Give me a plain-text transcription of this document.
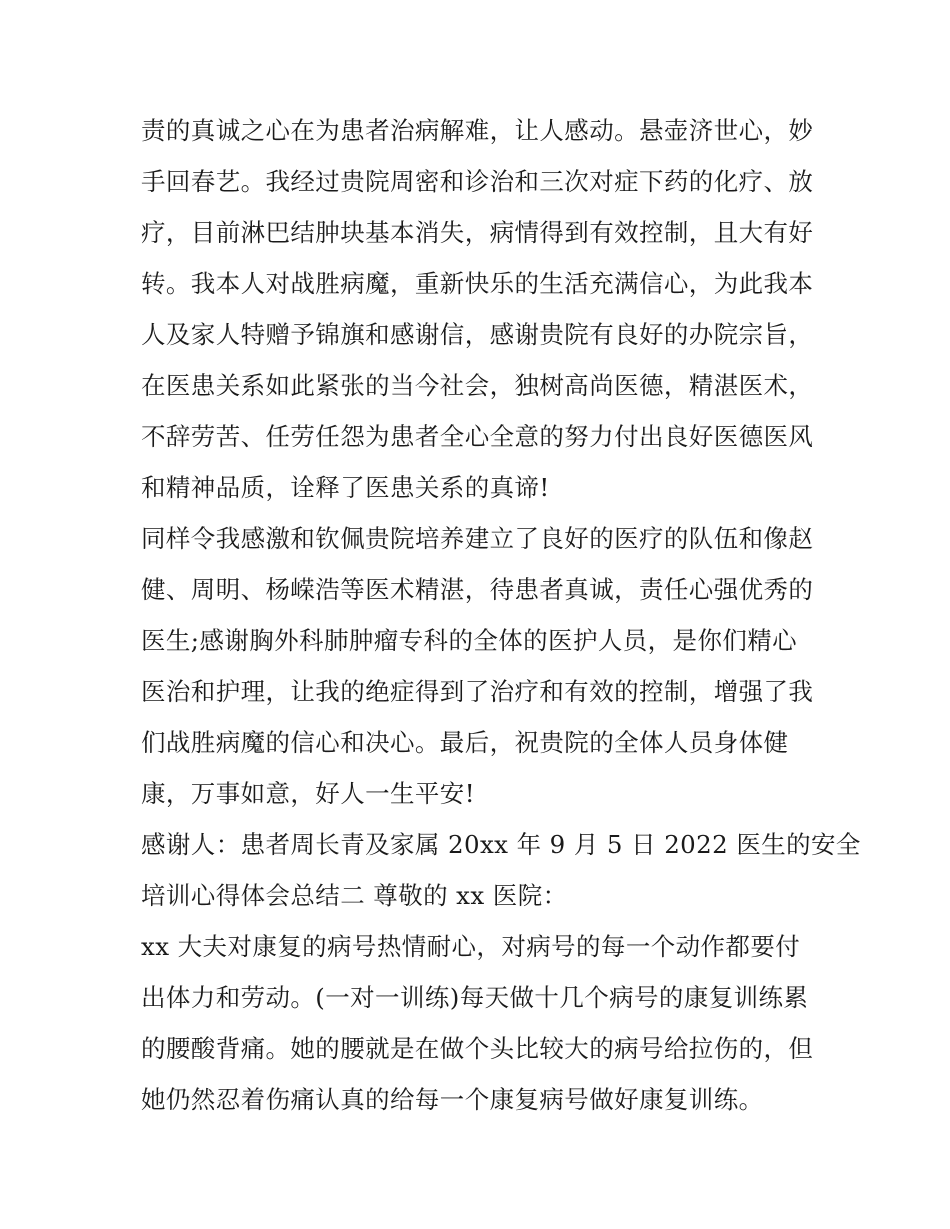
责的真诚之心在为患者治病解难，让人感动。悬壶济世心，妙
手回春艺。我经过贵院周密和诊治和三次对症下药的化疗、放
疗，目前淋巴结肿块基本消失，病情得到有效控制，且大有好
转。我本人对战胜病魔，重新快乐的生活充满信心，为此我本
人及家人特赠予锦旗和感谢信，感谢贵院有良好的办院宗旨，
在医患关系如此紧张的当今社会，独树高尚医德，精湛医术，
不辞劳苦、任劳任怨为患者全心全意的努力付出良好医德医风
和精神品质，诠释了医患关系的真谛!
同样令我感激和钦佩贵院培养建立了良好的医疗的队伍和像赵
健、周明、杨嵘浩等医术精湛，待患者真诚，责任心强优秀的
医生;感谢胸外科肺肿瘤专科的全体的医护人员，是你们精心
医治和护理，让我的绝症得到了治疗和有效的控制，增强了我
们战胜病魔的信心和决心。最后，祝贵院的全体人员身体健
康，万事如意，好人一生平安!
感谢人：患者周长青及家属 20xx 年 9 月 5 日 2022 医生的安全
培训心得体会总结二 尊敬的 xx 医院：
xx 大夫对康复的病号热情耐心，对病号的每一个动作都要付
出体力和劳动。(一对一训练)每天做十几个病号的康复训练累
的腰酸背痛。她的腰就是在做个头比较大的病号给拉伤的，但
她仍然忍着伤痛认真的给每一个康复病号做好康复训练。
